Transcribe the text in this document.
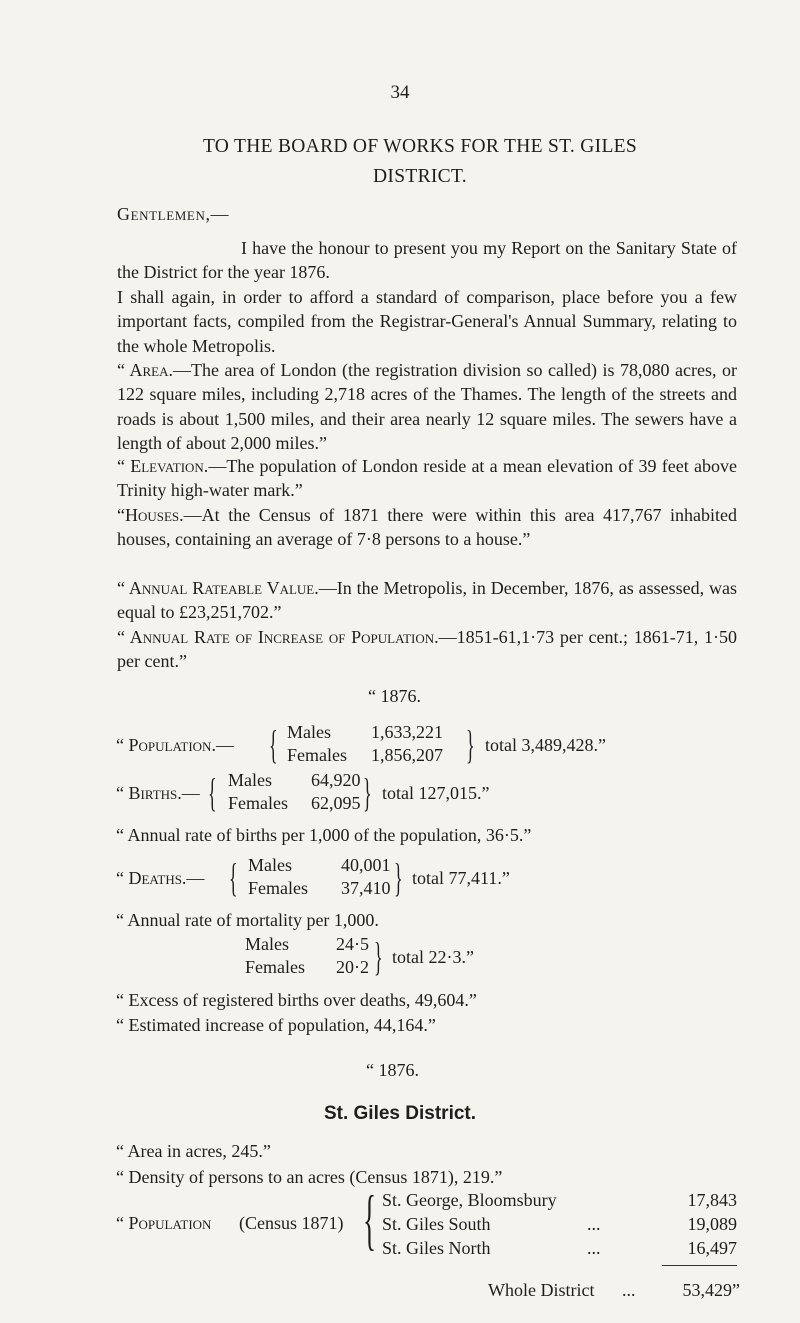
34
TO THE BOARD OF WORKS FOR THE ST. GILES
DISTRICT.
Gentlemen,—
I have the honour to present you my Report on the Sanitary State of the District for the year 1876.
I shall again, in order to afford a standard of comparison, place before you a few important facts, compiled from the Registrar-General's Annual Summary, relating to the whole Metropolis.
“ Area.—The area of London (the registration division so called) is 78,080 acres, or 122 square miles, including 2,718 acres of the Thames. The length of the streets and roads is about 1,500 miles, and their area nearly 12 square miles. The sewers have a length of about 2,000 miles.”
“ Elevation.—The population of London reside at a mean elevation of 39 feet above Trinity high-water mark.”
“Houses.—At the Census of 1871 there were within this area 417,767 inhabited houses, containing an average of 7·8 persons to a house.”
“ Annual Rateable Value.—In the Metropolis, in December, 1876, as assessed, was equal to £23,251,702.”
“ Annual Rate of Increase of Population.—1851-61,1·73 per cent.; 1861-71, 1·50 per cent.”
“ 1876.
“ Population.— { Males 1,633,221
Females 1,856,207 } total 3,489,428.”
“ Births.— { Males 64,920
Females 62,095 } total 127,015.”
“ Annual rate of births per 1,000 of the population, 36·5.”
“ Deaths.— { Males	40,001
Females 37,410 } total 77,411.”
“ Annual rate of mortality per 1,000.
Males	24·5
Females 20·2 } total 22·3.”
“ Excess of registered births over deaths, 49,604.”
“ Estimated increase of population, 44,164.”
“ 1876.
St. Giles District.
“ Area in acres, 245.”
“ Density of persons to an acres (Census 1871), 219.”
“ Population (Census 1871) { St. George, Bloomsbury	17,843
St. Giles South	...	19,089
St. Giles North	...	16,497
Whole District ...	53,429”
